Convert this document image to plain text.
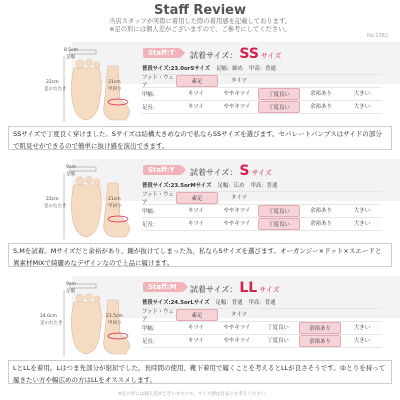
Staff Review
当店スタッフが実際に着用した際の着用感を記載しております。
※足の形には個人差がございますので、ご参考にしてください。
No.1082
8.5cm
足幅
22cm
足のたたき
21cm
甲回り
Staff:T	試着サイズ： SS サイズ
普段サイズ:23.0orSサイズ 足幅：細め 甲高：普通
フット・ウェア
素足	タイツ
甲幅：	キツイ	ややキツイ	丁度良い	余裕あり	大きい
足長：	キツイ	ややキツイ	丁度良い	余裕あり	大きい
SSサイズで丁度良く穿けました。Sサイズは結構大きめなので私ならSSサイズを選びます。セパレートパンプスはサイドの部分で肌見せができるので簡単に抜け感を演出できます。
9cm
足幅
22cm
足のたたき
21cm
甲回り
Staff:Y	試着サイズ： S サイズ
普段サイズ:23.5orMサイズ 足幅：広め 甲高：普通
フット・ウェア
素足	タイツ
甲幅：	キツイ	ややキツイ	丁度良い	余裕あり	大きい
足長：	キツイ	ややキツイ	丁度良い	余裕あり	大きい
S,Mを試着。Mサイズだと余裕があり、踵が抜けてしまった為、私ならSサイズを選びます。オーガンジー×ドット×スエードと異素材MIXで綺麗めなデザインなので上品に履けます。
9cm
足幅
24.0cm
足のたたき
21.5cm
甲回り
Staff:M	試着サイズ： LL サイズ
普段サイズ:24.5orLサイズ 足幅：普通 甲高：普通
フット・ウェア
素足	タイツ
甲幅：	キツイ	ややキツイ	丁度良い	余裕あり	大きい
足長：	キツイ	ややキツイ	丁度良い	余裕あり	大きい
LとLLを着用。Lはつま先部分が窮屈でした。長時間の使用、靴下着用で履くことを考えるとLLが良さそうです。ゆとりを持って履きたい方や幅広めの方はLLをオススメします。
※足の形には個人差がございますので、サイズ感は目安とお考えください。
